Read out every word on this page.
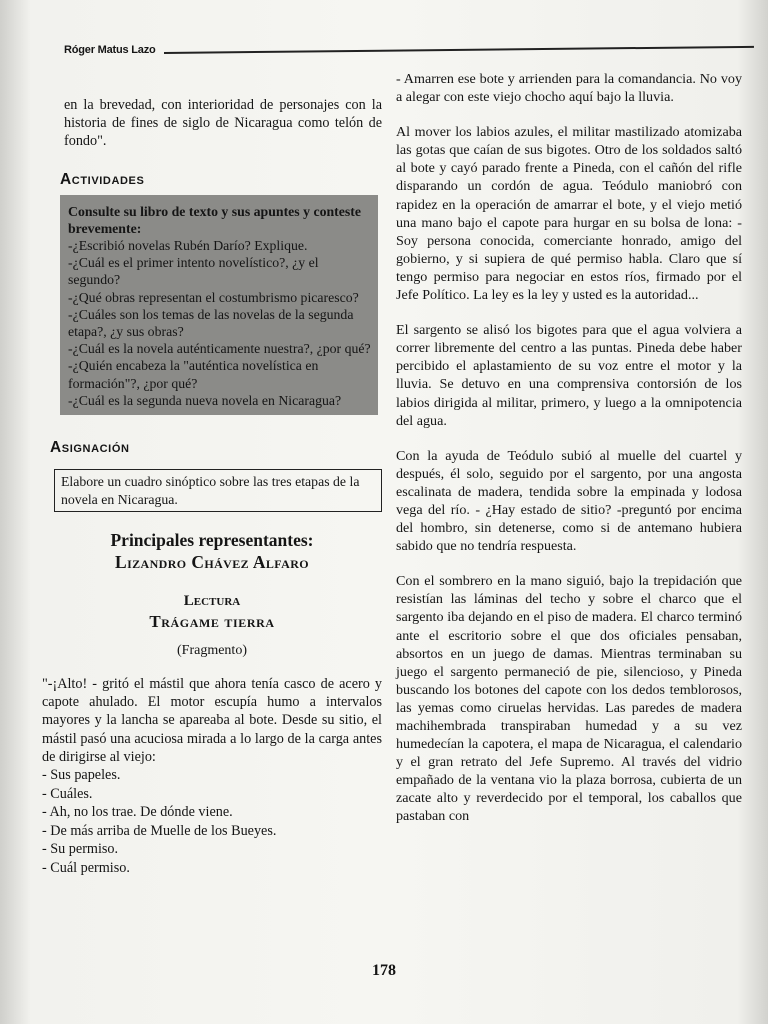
Róger Matus Lazo

en la brevedad, con interioridad de personajes con la historia de fines de siglo de Nicaragua como telón de fondo".

Actividades

Consulte su libro de texto y sus apuntes y conteste brevemente:

-¿Escribió novelas Rubén Darío? Explique.

-¿Cuál es el primer intento novelístico?, ¿y el segundo?

-¿Qué obras representan el costumbrismo picaresco?

-¿Cuáles son los temas de las novelas de la segunda etapa?, ¿y sus obras?

-¿Cuál es la novela auténticamente nuestra?, ¿por qué?

-¿Quién encabeza la "auténtica novelística en formación"?, ¿por qué?

-¿Cuál es la segunda nueva novela en Nicaragua?

Asignación

Elabore un cuadro sinóptico sobre las tres etapas de la novela en Nicaragua.

Principales representantes:
Lizandro Chávez Alfaro
Lectura
Trágame tierra
(Fragmento)

"-¡Alto! - gritó el mástil que ahora tenía casco de acero y capote ahulado. El motor escupía humo a intervalos mayores y la lancha se apareaba al bote. Desde su sitio, el mástil pasó una acuciosa mirada a lo largo de la carga antes de dirigirse al viejo:

- Sus papeles.

- Cuáles.

- Ah, no los trae. De dónde viene.

- De más arriba de Muelle de los Bueyes.

- Su permiso.

- Cuál permiso.

- Amarren ese bote y arrienden para la comandancia. No voy a alegar con este viejo chocho aquí bajo la lluvia.

Al mover los labios azules, el militar mastilizado atomizaba las gotas que caían de sus bigotes. Otro de los soldados saltó al bote y cayó parado frente a Pineda, con el cañón del rifle disparando un cordón de agua. Teódulo maniobró con rapidez en la operación de amarrar el bote, y el viejo metió una mano bajo el capote para hurgar en su bolsa de lona: - Soy persona conocida, comerciante honrado, amigo del gobierno, y si supiera de qué permiso habla. Claro que sí tengo permiso para negociar en estos ríos, firmado por el Jefe Político. La ley es la ley y usted es la autoridad...

El sargento se alisó los bigotes para que el agua volviera a correr libremente del centro a las puntas. Pineda debe haber percibido el aplastamiento de su voz entre el motor y la lluvia. Se detuvo en una comprensiva contorsión de los labios dirigida al militar, primero, y luego a la omnipotencia del agua.

Con la ayuda de Teódulo subió al muelle del cuartel y después, él solo, seguido por el sargento, por una angosta escalinata de madera, tendida sobre la empinada y lodosa vega del río. - ¿Hay estado de sitio? -preguntó por encima del hombro, sin detenerse, como si de antemano hubiera sabido que no tendría respuesta.

Con el sombrero en la mano siguió, bajo la trepidación que resistían las láminas del techo y sobre el charco que el sargento iba dejando en el piso de madera. El charco terminó ante el escritorio sobre el que dos oficiales pensaban, absortos en un juego de damas. Mientras terminaban su juego el sargento permaneció de pie, silencioso, y Pineda buscando los botones del capote con los dedos temblorosos, las yemas como ciruelas hervidas. Las paredes de madera machihembrada transpiraban humedad y a su vez humedecían la capotera, el mapa de Nicaragua, el calendario y el gran retrato del Jefe Supremo. Al través del vidrio empañado de la ventana vio la plaza borrosa, cubierta de un zacate alto y reverdecido por el temporal, los caballos que pastaban con

178
